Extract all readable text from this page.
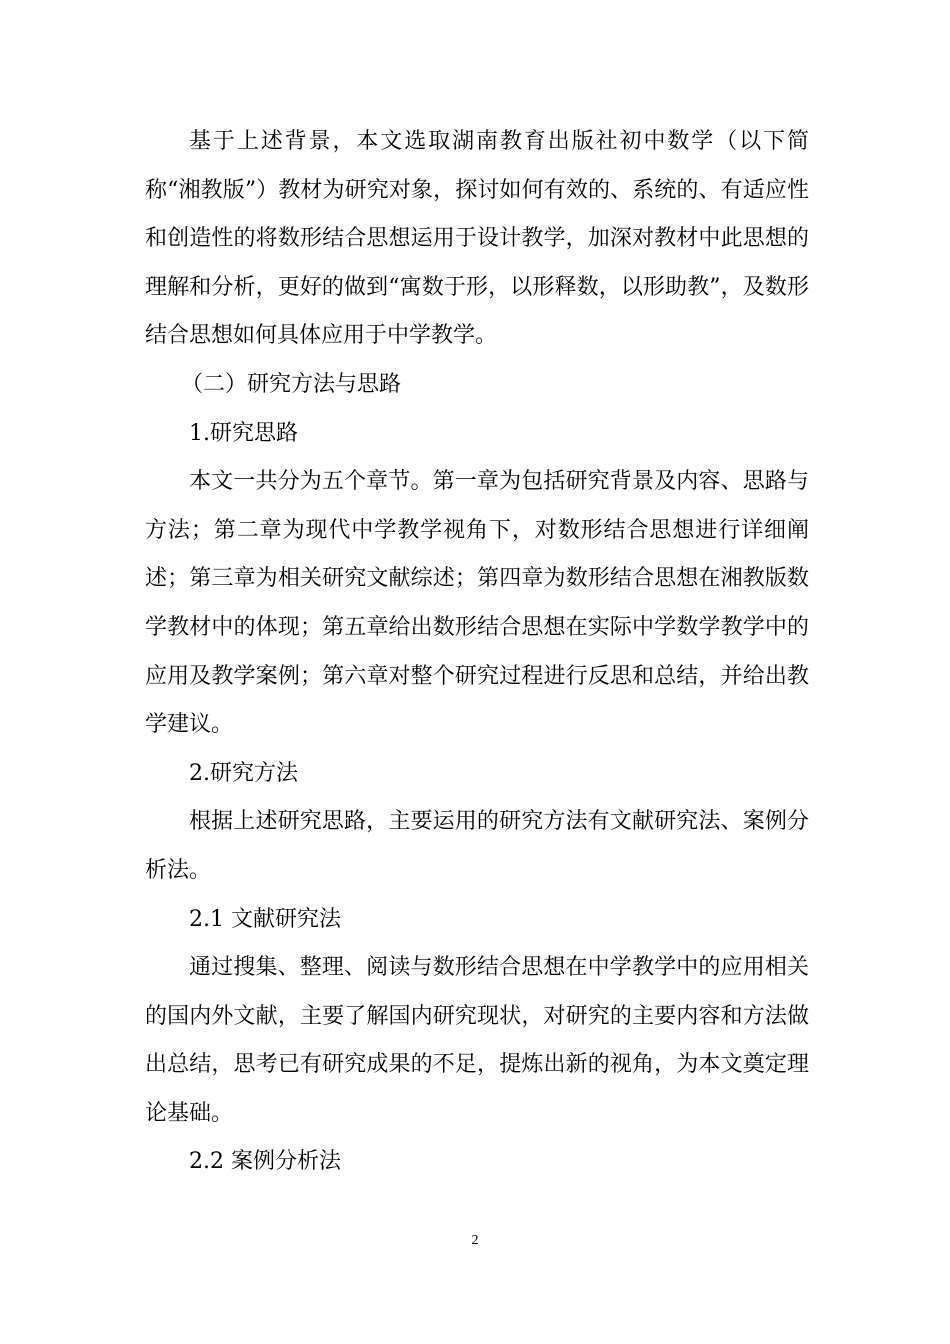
基于上述背景，本文选取湖南教育出版社初中数学（以下简称“湘教版”）教材为研究对象，探讨如何有效的、系统的、有适应性和创造性的将数形结合思想运用于设计教学，加深对教材中此思想的理解和分析，更好的做到“寓数于形，以形释数，以形助教”，及数形结合思想如何具体应用于中学教学。

（二）研究方法与思路

1.研究思路

本文一共分为五个章节。第一章为包括研究背景及内容、思路与方法；第二章为现代中学教学视角下，对数形结合思想进行详细阐述；第三章为相关研究文献综述；第四章为数形结合思想在湘教版数学教材中的体现；第五章给出数形结合思想在实际中学数学教学中的应用及教学案例；第六章对整个研究过程进行反思和总结，并给出教学建议。

2.研究方法

根据上述研究思路，主要运用的研究方法有文献研究法、案例分析法。

2.1 文献研究法

通过搜集、整理、阅读与数形结合思想在中学教学中的应用相关的国内外文献，主要了解国内研究现状，对研究的主要内容和方法做出总结，思考已有研究成果的不足，提炼出新的视角，为本文奠定理论基础。

2.2 案例分析法

2
